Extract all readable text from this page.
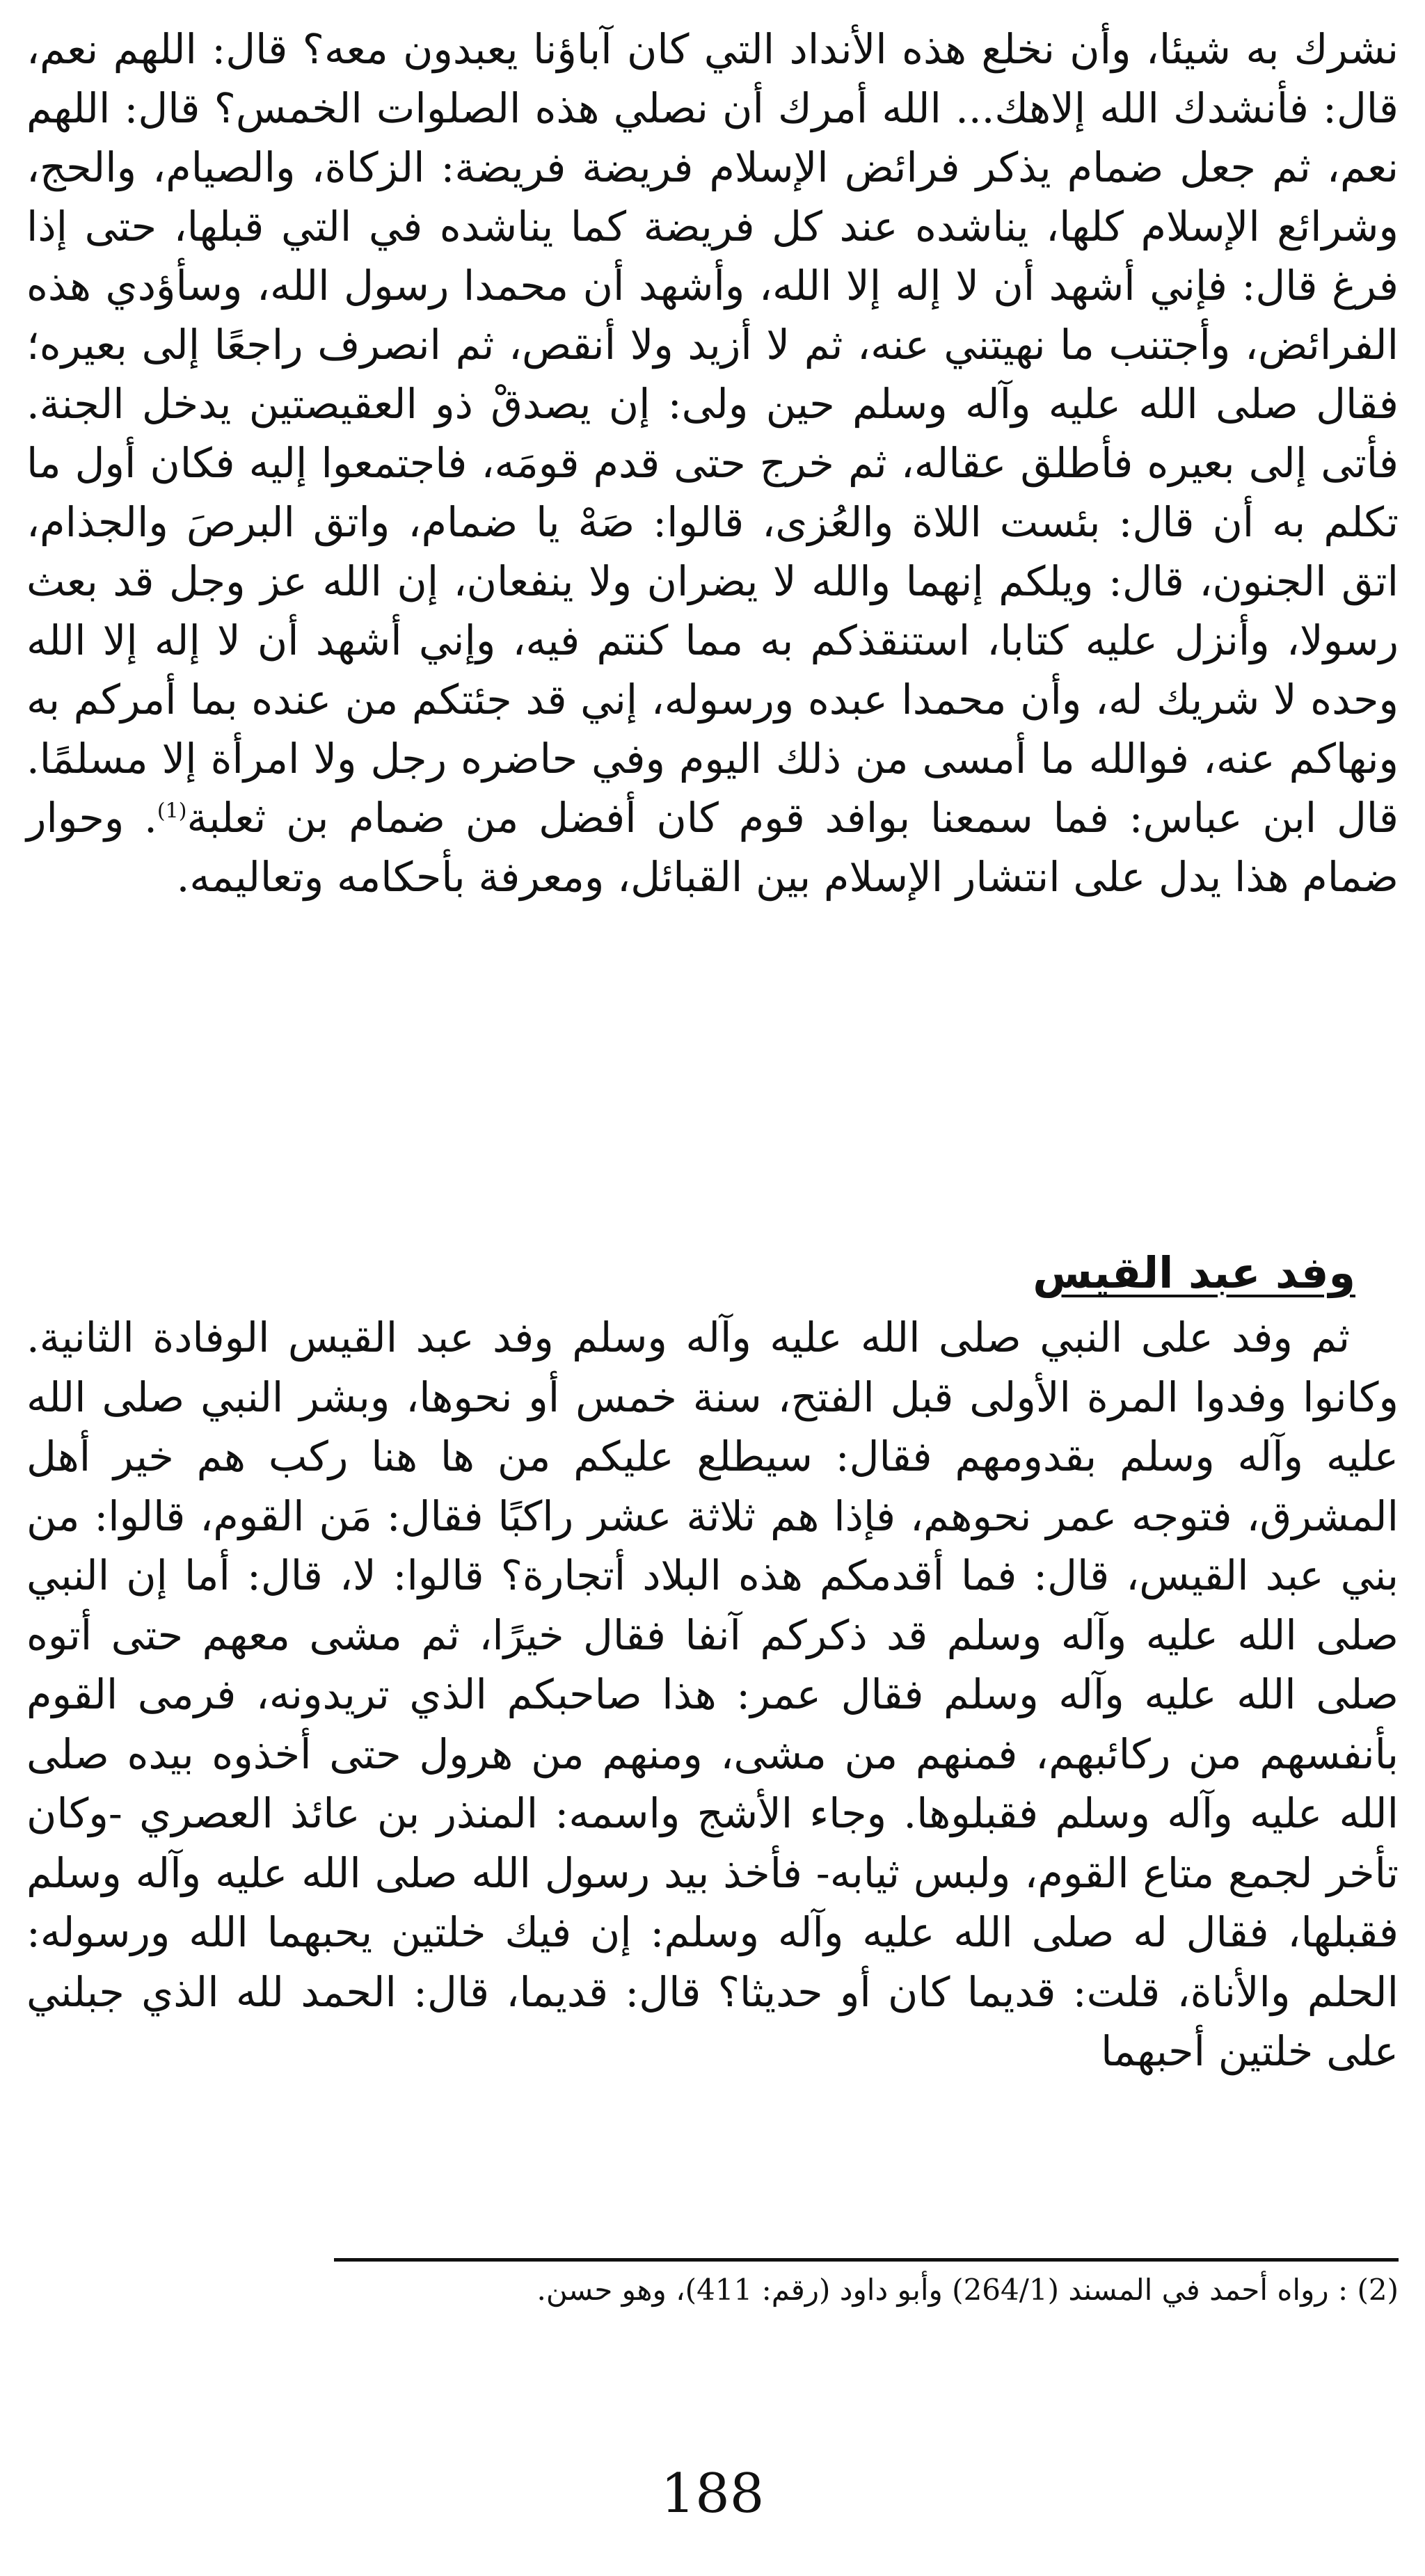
نشرك به شيئا، وأن نخلع هذه الأنداد التي كان آباؤنا يعبدون معه؟ قال: اللهم نعم، قال: فأنشدك الله إلاهك... الله أمرك أن نصلي هذه الصلوات الخمس؟ قال: اللهم نعم، ثم جعل ضمام يذكر فرائض الإسلام فريضة فريضة: الزكاة، والصيام، والحج، وشرائع الإسلام كلها، يناشده عند كل فريضة كما يناشده في التي قبلها، حتى إذا فرغ قال: فإني أشهد أن لا إله إلا الله، وأشهد أن محمدا رسول الله، وسأؤدي هذه الفرائض، وأجتنب ما نهيتني عنه، ثم لا أزيد ولا أنقص، ثم انصرف راجعًا إلى بعيره؛ فقال صلى الله عليه وآله وسلم حين ولى: إن يصدقْ ذو العقيصتين يدخل الجنة. فأتى إلى بعيره فأطلق عقاله، ثم خرج حتى قدم قومَه، فاجتمعوا إليه فكان أول ما تكلم به أن قال: بئست اللاة والعُزى، قالوا: صَهْ يا ضمام، واتق البرصَ والجذام، اتق الجنون، قال: ويلكم إنهما والله لا يضران ولا ينفعان، إن الله عز وجل قد بعث رسولا، وأنزل عليه كتابا، استنقذكم به مما كنتم فيه، وإني أشهد أن لا إله إلا الله وحده لا شريك له، وأن محمدا عبده ورسوله، إني قد جئتكم من عنده بما أمركم به ونهاكم عنه، فوالله ما أمسى من ذلك اليوم وفي حاضره رجل ولا امرأة إلا مسلمًا. قال ابن عباس: فما سمعنا بوافد قوم كان أفضل من ضمام بن ثعلبة$^{(1)}$. وحوار ضمام هذا يدل على انتشار الإسلام بين القبائل، ومعرفة بأحكامه وتعاليمه.

وفد عبد القيس

ثم وفد على النبي صلى الله عليه وآله وسلم وفد عبد القيس الوفادة الثانية. وكانوا وفدوا المرة الأولى قبل الفتح، سنة خمس أو نحوها، وبشر النبي صلى الله عليه وآله وسلم بقدومهم فقال: سيطلع عليكم من ها هنا ركب هم خير أهل المشرق، فتوجه عمر نحوهم، فإذا هم ثلاثة عشر راكبًا فقال: مَن القوم، قالوا: من بني عبد القيس، قال: فما أقدمكم هذه البلاد أتجارة؟ قالوا: لا، قال: أما إن النبي صلى الله عليه وآله وسلم قد ذكركم آنفا فقال خيرًا، ثم مشى معهم حتى أتوه صلى الله عليه وآله وسلم فقال عمر: هذا صاحبكم الذي تريدونه، فرمى القوم بأنفسهم من ركائبهم، فمنهم من مشى، ومنهم من هرول حتى أخذوه بيده صلى الله عليه وآله وسلم فقبلوها. وجاء الأشج واسمه: المنذر بن عائذ العصري -وكان تأخر لجمع متاع القوم، ولبس ثيابه- فأخذ بيد رسول الله صلى الله عليه وآله وسلم فقبلها، فقال له صلى الله عليه وآله وسلم: إن فيك خلتين يحبهما الله ورسوله: الحلم والأناة، قلت: قديما كان أو حديثا؟ قال: قديما، قال: الحمد لله الذي جبلني على خلتين أحبهما

(2) : رواه أحمد في المسند (264/1) وأبو داود (رقم: 411)، وهو حسن.
188
